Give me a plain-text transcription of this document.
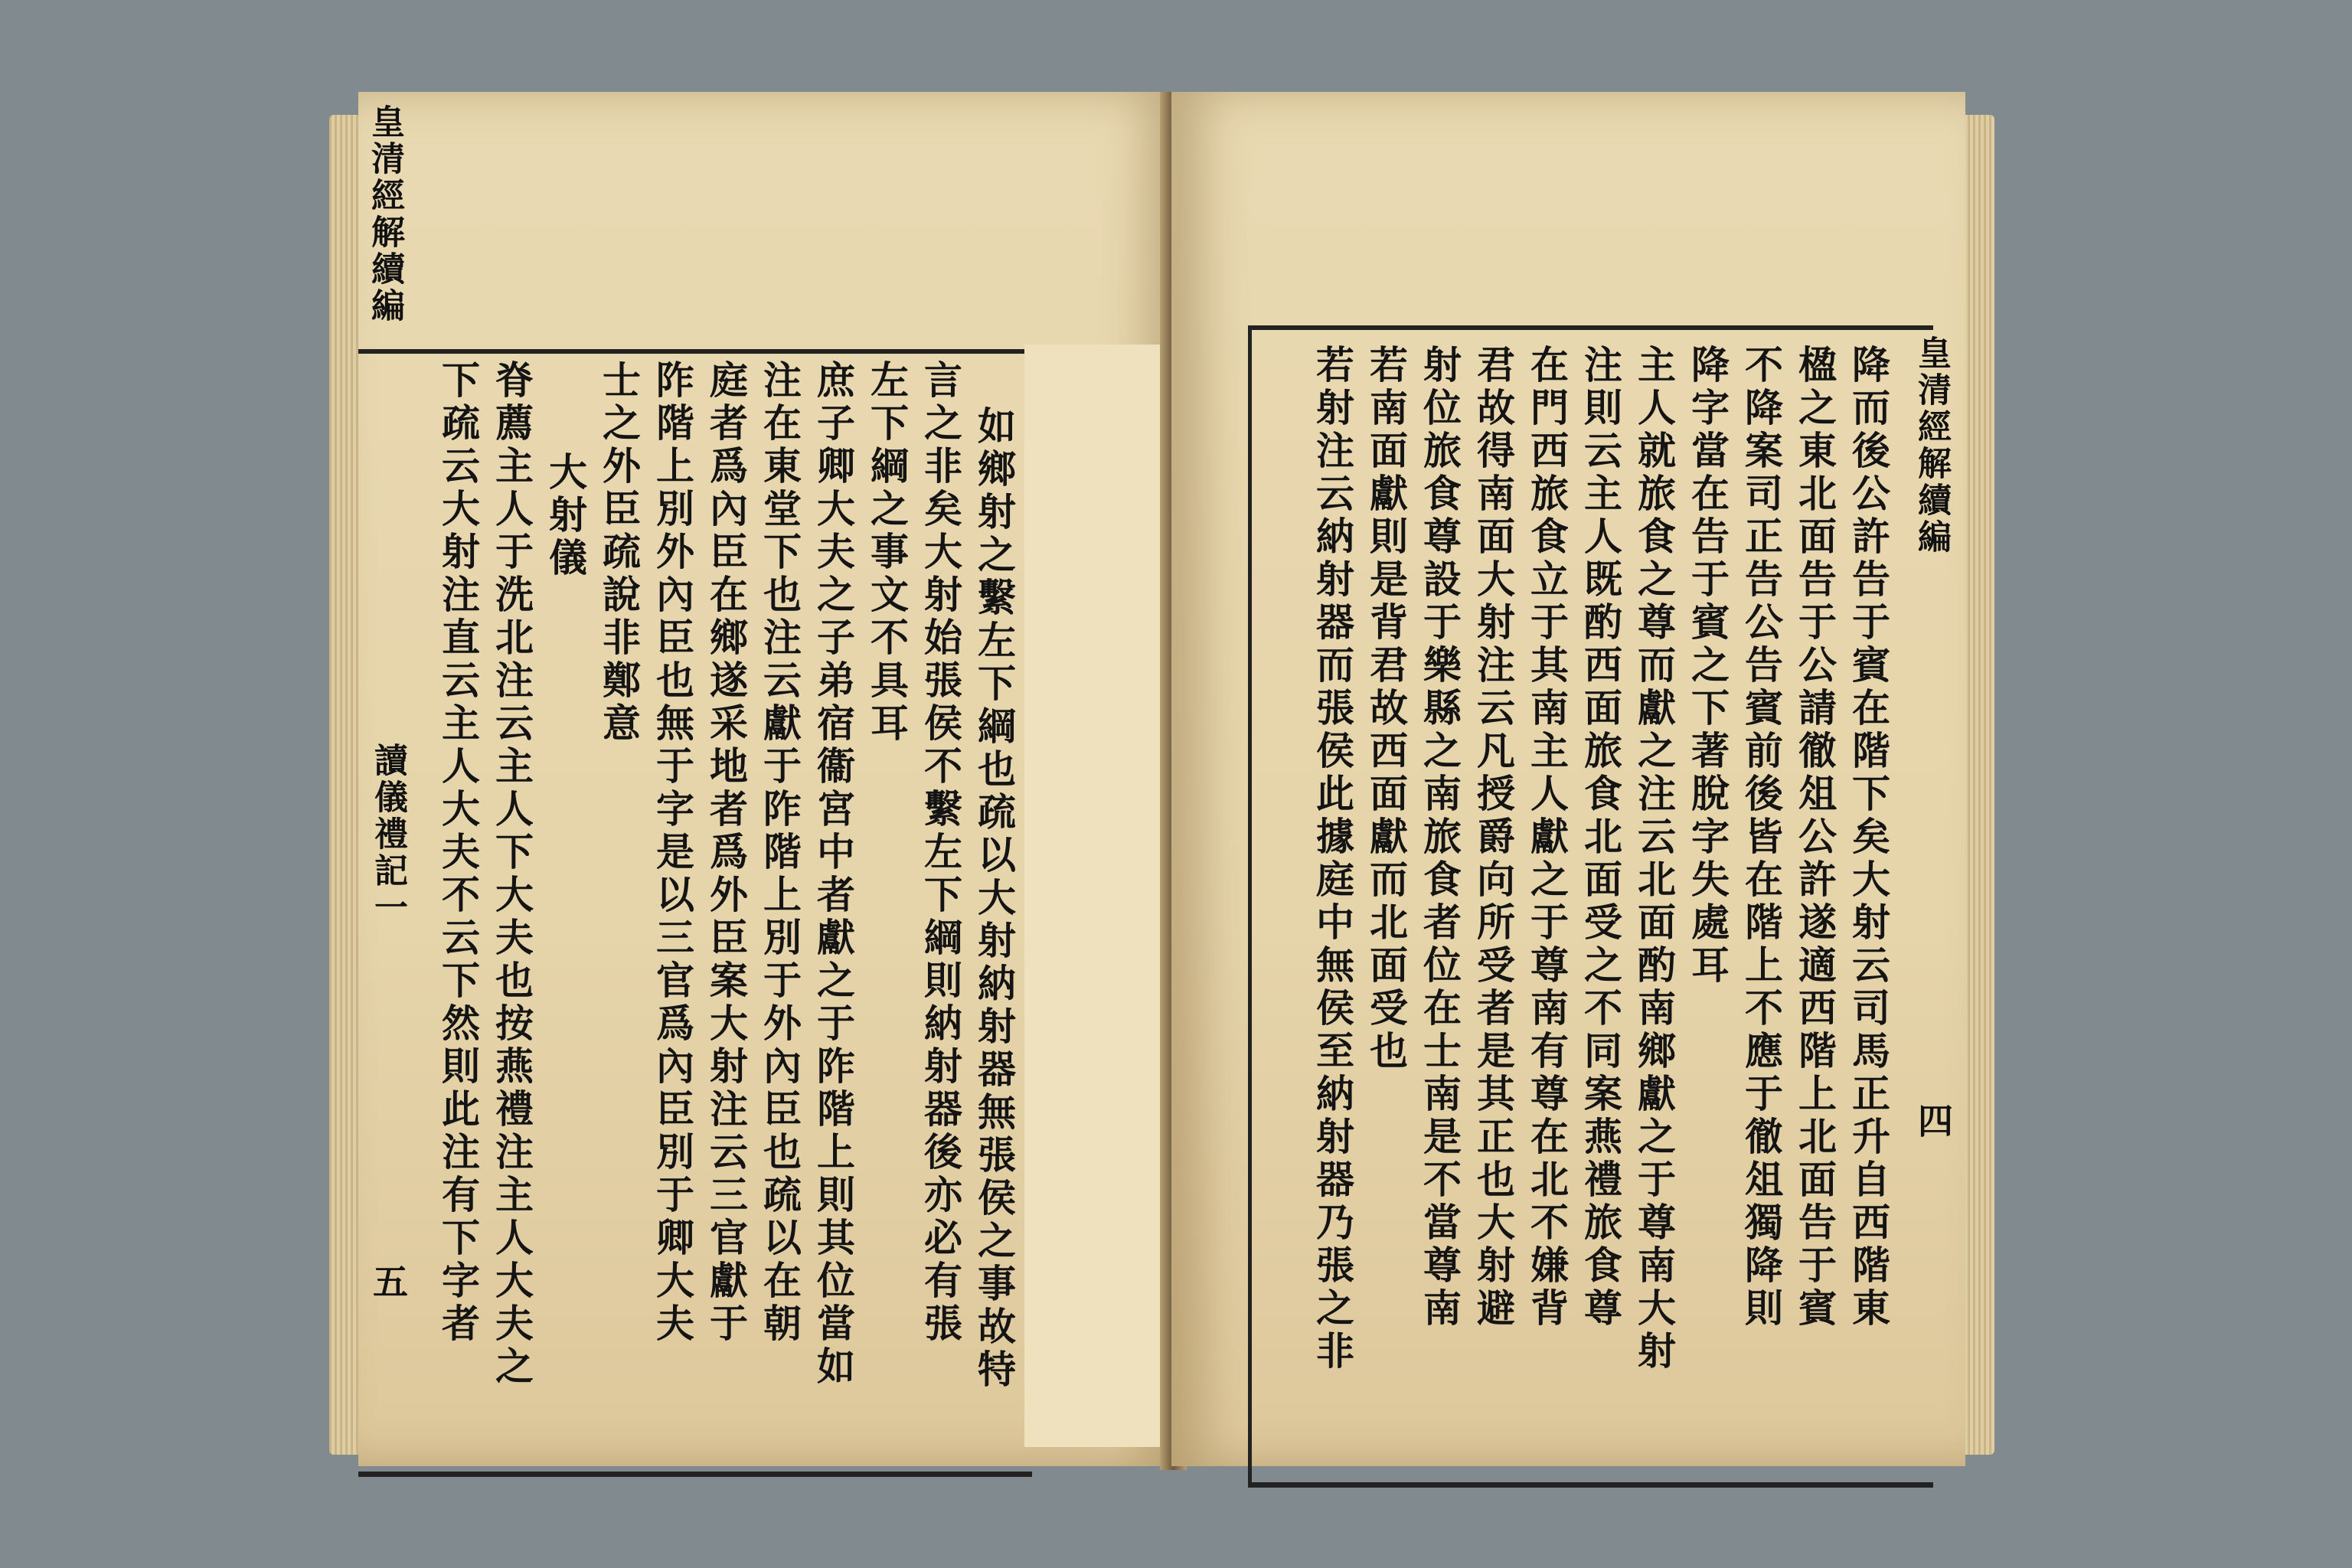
皇清經解續編
讀儀禮記一
五	如鄉射之繫左下綱也疏以大射納射器無張侯之事故特
言之非矣大射始張侯不繫左下綱則納射器後亦必有張
左下綱之事文不具耳
庶子卿大夫之子弟宿衞宮中者獻之于阼階上則其位當如
注在東堂下也注云獻于阼階上別于外內臣也疏以在朝
庭者爲內臣在鄉遂采地者爲外臣案大射注云三官獻于
阼階上別外內臣也無于字是以三官爲內臣別于卿大夫
士之外臣疏說非鄭意
大射儀
脊薦主人于洗北注云主人下大夫也按燕禮注主人大夫之
下疏云大射注直云主人大夫不云下然則此注有下字者	皇清經解續編
四
降而後公許告于賓在階下矣大射云司馬正升自西階東
楹之東北面告于公請徹俎公許遂適西階上北面告于賓
不降案司正告公告賓前後皆在階上不應于徹俎獨降則
降字當在告于賓之下著脫字失處耳
主人就旅食之尊而獻之注云北面酌南鄉獻之于尊南大射
注則云主人既酌西面旅食北面受之不同案燕禮旅食尊
在門西旅食立于其南主人獻之于尊南有尊在北不嫌背
君故得南面大射注云凡授爵向所受者是其正也大射避
射位旅食尊設于樂縣之南旅食者位在士南是不當尊南
若南面獻則是背君故西面獻而北面受也
若射注云納射器而張侯此據庭中無侯至納射器乃張之非
